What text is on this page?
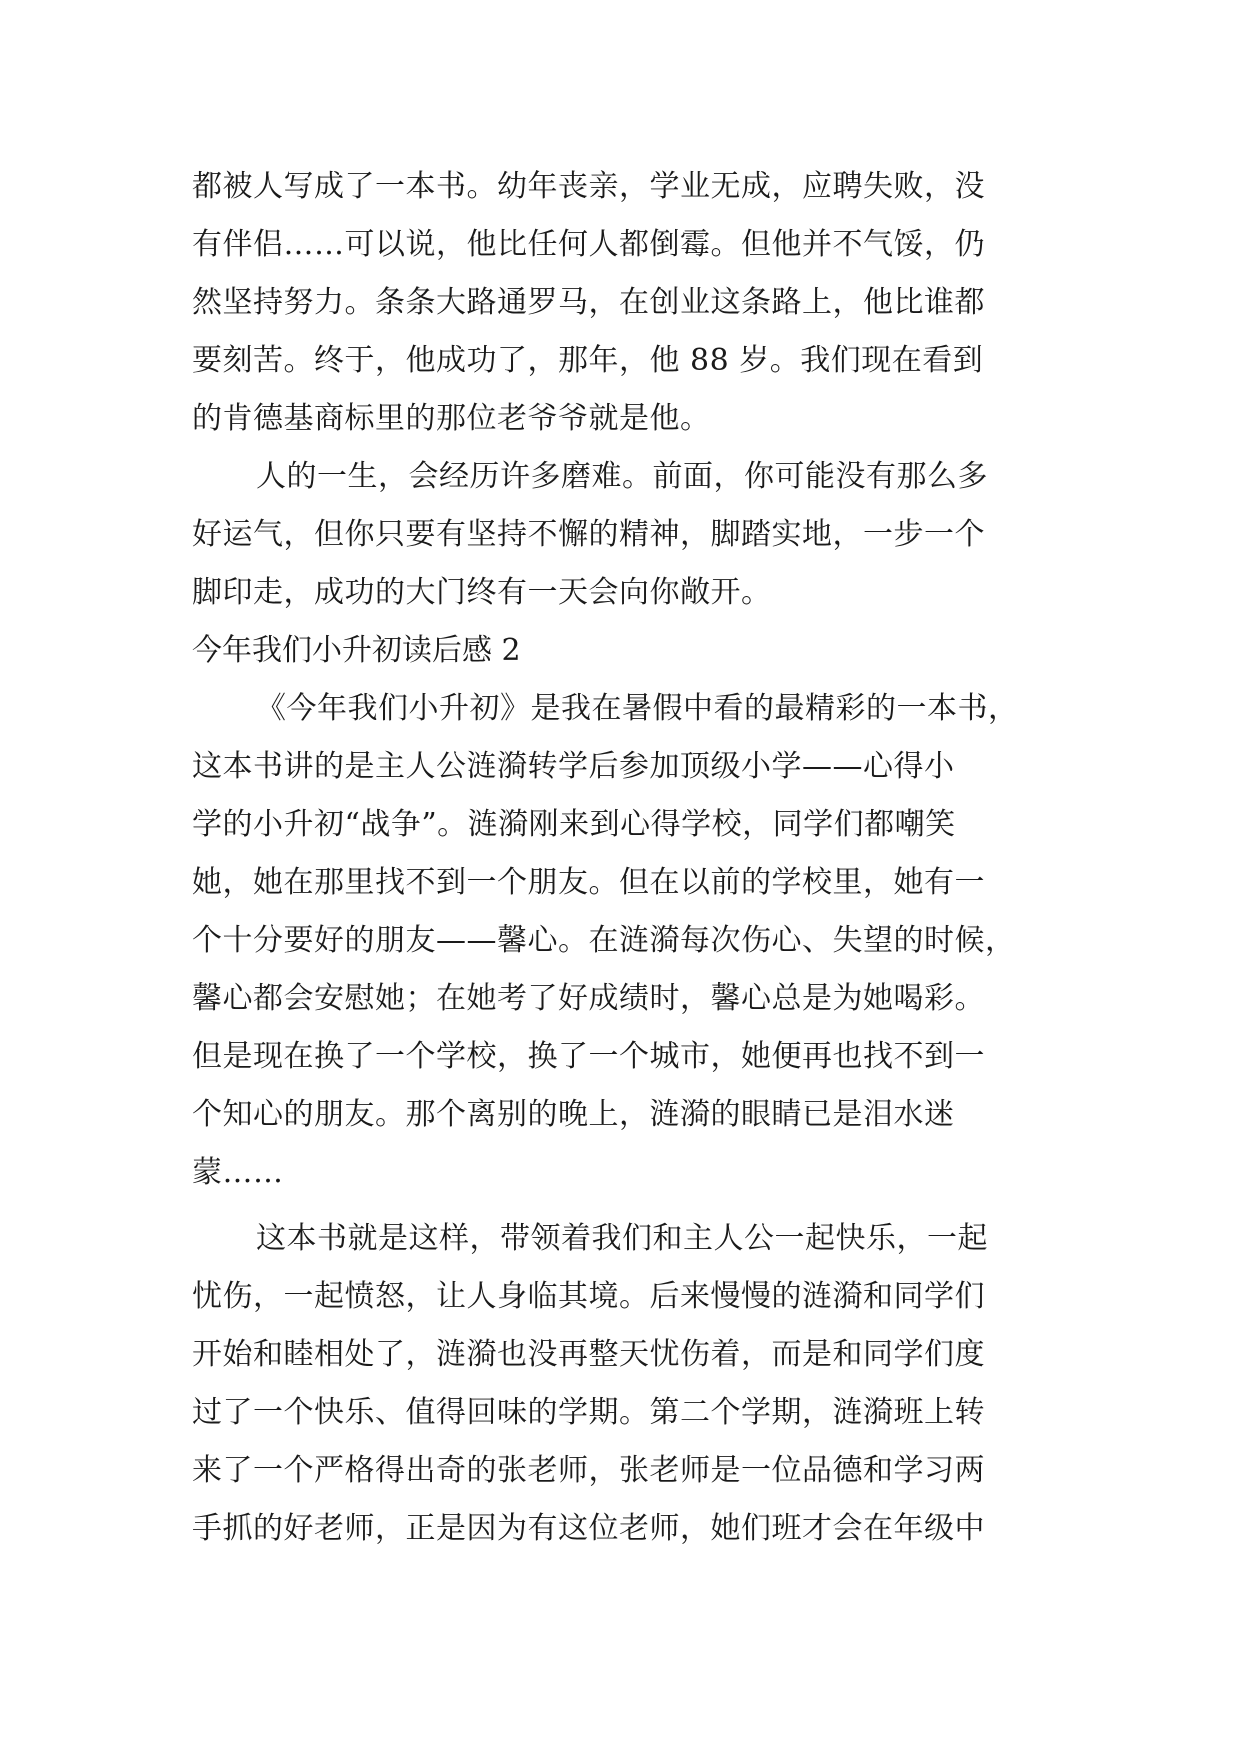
都被人写成了一本书。幼年丧亲，学业无成，应聘失败，没
有伴侣……可以说，他比任何人都倒霉。但他并不气馁，仍
然坚持努力。条条大路通罗马，在创业这条路上，他比谁都
要刻苦。终于，他成功了，那年，他 88 岁。我们现在看到
的肯德基商标里的那位老爷爷就是他。
人的一生，会经历许多磨难。前面，你可能没有那么多
好运气，但你只要有坚持不懈的精神，脚踏实地，一步一个
脚印走，成功的大门终有一天会向你敞开。
今年我们小升初读后感 2
《今年我们小升初》是我在暑假中看的最精彩的一本书，
这本书讲的是主人公涟漪转学后参加顶级小学——心得小
学的小升初“战争”。涟漪刚来到心得学校，同学们都嘲笑
她，她在那里找不到一个朋友。但在以前的学校里，她有一
个十分要好的朋友——馨心。在涟漪每次伤心、失望的时候，
馨心都会安慰她；在她考了好成绩时，馨心总是为她喝彩。
但是现在换了一个学校，换了一个城市，她便再也找不到一
个知心的朋友。那个离别的晚上，涟漪的眼睛已是泪水迷
蒙……
这本书就是这样，带领着我们和主人公一起快乐，一起
忧伤，一起愤怒，让人身临其境。后来慢慢的涟漪和同学们
开始和睦相处了，涟漪也没再整天忧伤着，而是和同学们度
过了一个快乐、值得回味的学期。第二个学期，涟漪班上转
来了一个严格得出奇的张老师，张老师是一位品德和学习两
手抓的好老师，正是因为有这位老师，她们班才会在年级中
